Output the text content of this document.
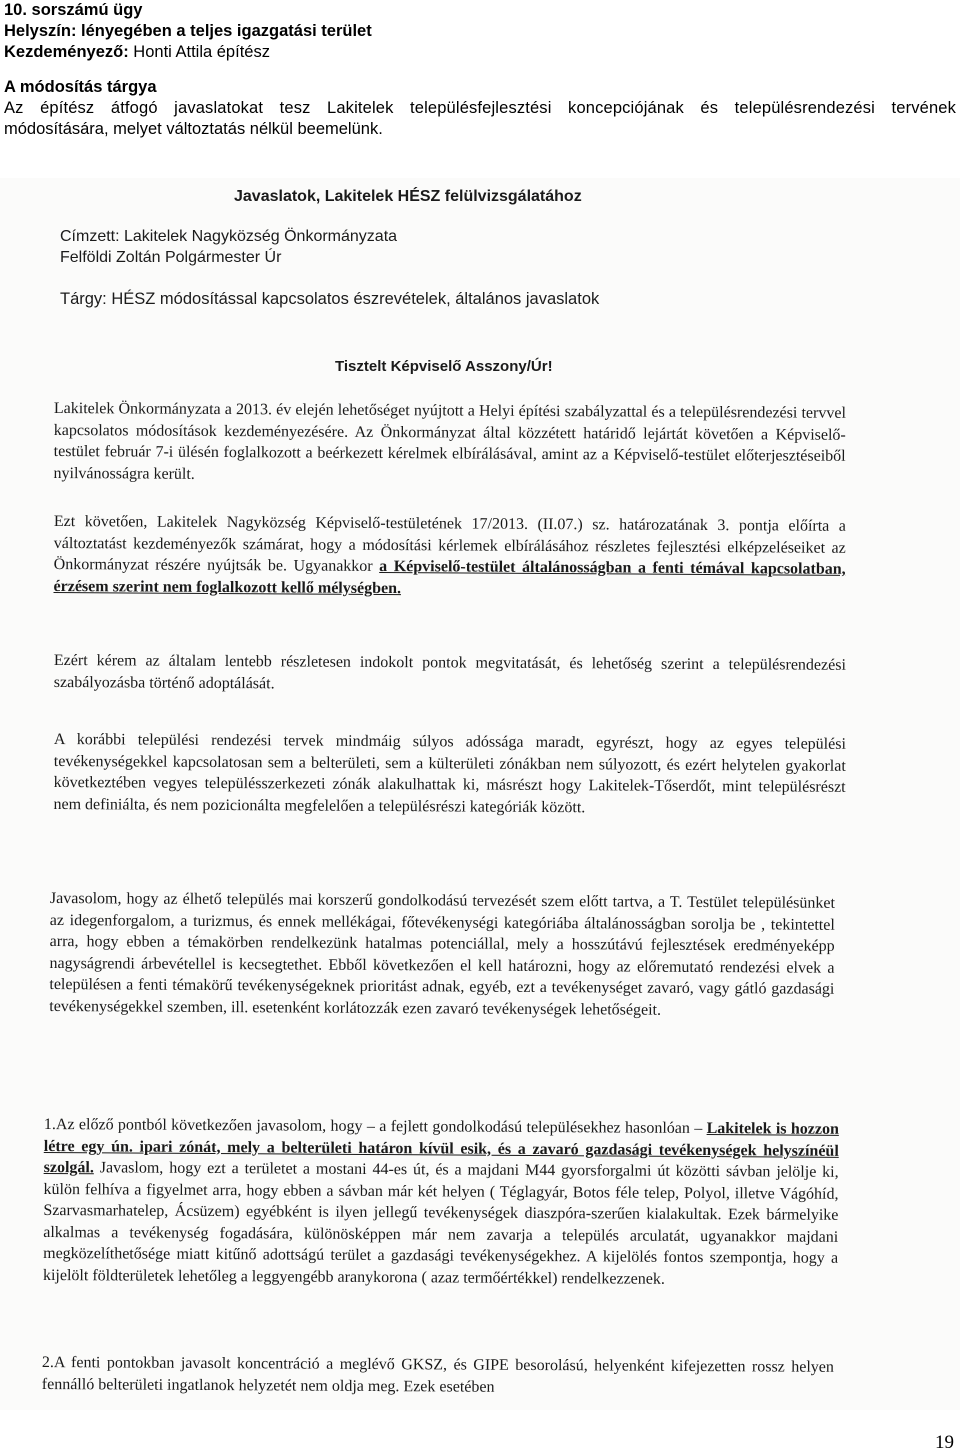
10. sorszámú ügy
Helyszín: lényegében a teljes igazgatási terület
Kezdeményező: Honti Attila építész
A módosítás tárgya
Az építész átfogó javaslatokat tesz Lakitelek településfejlesztési koncepciójának és településrendezési tervének
módosítására, melyet változtatás nélkül beemelünk.
Javaslatok, Lakitelek HÉSZ felülvizsgálatához
Címzett: Lakitelek Nagyközség Önkormányzata
Felföldi Zoltán Polgármester Úr
Tárgy: HÉSZ módosítással kapcsolatos észrevételek, általános javaslatok
Tisztelt Képviselő Asszony/Úr!
Lakitelek Önkormányzata a 2013. év elején lehetőséget nyújtott a Helyi építési szabályzattal és a településrendezési tervvel kapcsolatos módosítások kezdeményezésére. Az Önkormányzat által közzétett határidő lejártát követően a Képviselő-testület február 7-i ülésén foglalkozott a beérkezett kérelmek elbírálásával, amint az a Képviselő-testület előterjesztéseiből nyilvánosságra került.
Ezt követően, Lakitelek Nagyközség Képviselő-testületének 17/2013. (II.07.) sz. határozatának 3. pontja előírta a változtatást kezdeményezők számárat, hogy a módosítási kérlemek elbírálásához részletes fejlesztési elképzeléseiket az Önkormányzat részére nyújtsák be. Ugyanakkor a Képviselő-testület általánosságban a fenti témával kapcsolatban, érzésem szerint nem foglalkozott kellő mélységben.
Ezért kérem az általam lentebb részletesen indokolt pontok megvitatását, és lehetőség szerint a településrendezési szabályozásba történő adoptálását.
A korábbi települési rendezési tervek mindmáig súlyos adóssága maradt, egyrészt, hogy az egyes települési tevékenységekkel kapcsolatosan sem a belterületi, sem a külterületi zónákban nem súlyozott, és ezért helytelen gyakorlat következtében vegyes településszerkezeti zónák alakulhattak ki, másrészt hogy Lakitelek-Tőserdőt, mint településrészt nem definiálta, és nem pozicionálta megfelelően a településrészi kategóriák között.
Javasolom, hogy az élhető település mai korszerű gondolkodású tervezését szem előtt tartva, a T. Testület településünket az idegenforgalom, a turizmus, és ennek mellékágai, főtevékenységi kategóriába általánosságban sorolja be , tekintettel arra, hogy ebben a témakörben rendelkezünk hatalmas potenciállal, mely a hosszútávú fejlesztések eredményeképp nagyságrendi árbevétellel is kecsegtethet. Ebből következően el kell határozni, hogy az előremutató rendezési elvek a településen a fenti témakörű tevékenységeknek prioritást adnak, egyéb, ezt a tevékenységet zavaró, vagy gátló gazdasági tevékenységekkel szemben, ill. esetenként korlátozzák ezen zavaró tevékenységek lehetőségeit.
1.Az előző pontból következően javasolom, hogy – a fejlett gondolkodású településekhez hasonlóan – Lakitelek is hozzon létre egy ún. ipari zónát, mely a belterületi határon kívül esik, és a zavaró gazdasági tevékenységek helyszínéül szolgál. Javaslom, hogy ezt a területet a mostani 44-es út, és a majdani M44 gyorsforgalmi út közötti sávban jelölje ki, külön felhíva a figyelmet arra, hogy ebben a sávban már két helyen ( Téglagyár, Botos féle telep, Polyol, illetve Vágóhíd, Szarvasmarhatelep, Ácsüzem) egyébként is ilyen jellegű tevékenységek diaszpóra-szerűen kialakultak. Ezek bármelyike alkalmas a tevékenység fogadására, különösképpen már nem zavarja a település arculatát, ugyanakkor majdani megközelíthetősége miatt kitűnő adottságú terület a gazdasági tevékenységekhez. A kijelölés fontos szempontja, hogy a kijelölt földterületek lehetőleg a leggyengébb aranykorona ( azaz termőértékkel) rendelkezzenek.
2.A fenti pontokban javasolt koncentráció a meglévő GKSZ, és GIPE besorolású, helyenként kifejezetten rossz helyen fennálló belterületi ingatlanok helyzetét nem oldja meg. Ezek esetében
19
